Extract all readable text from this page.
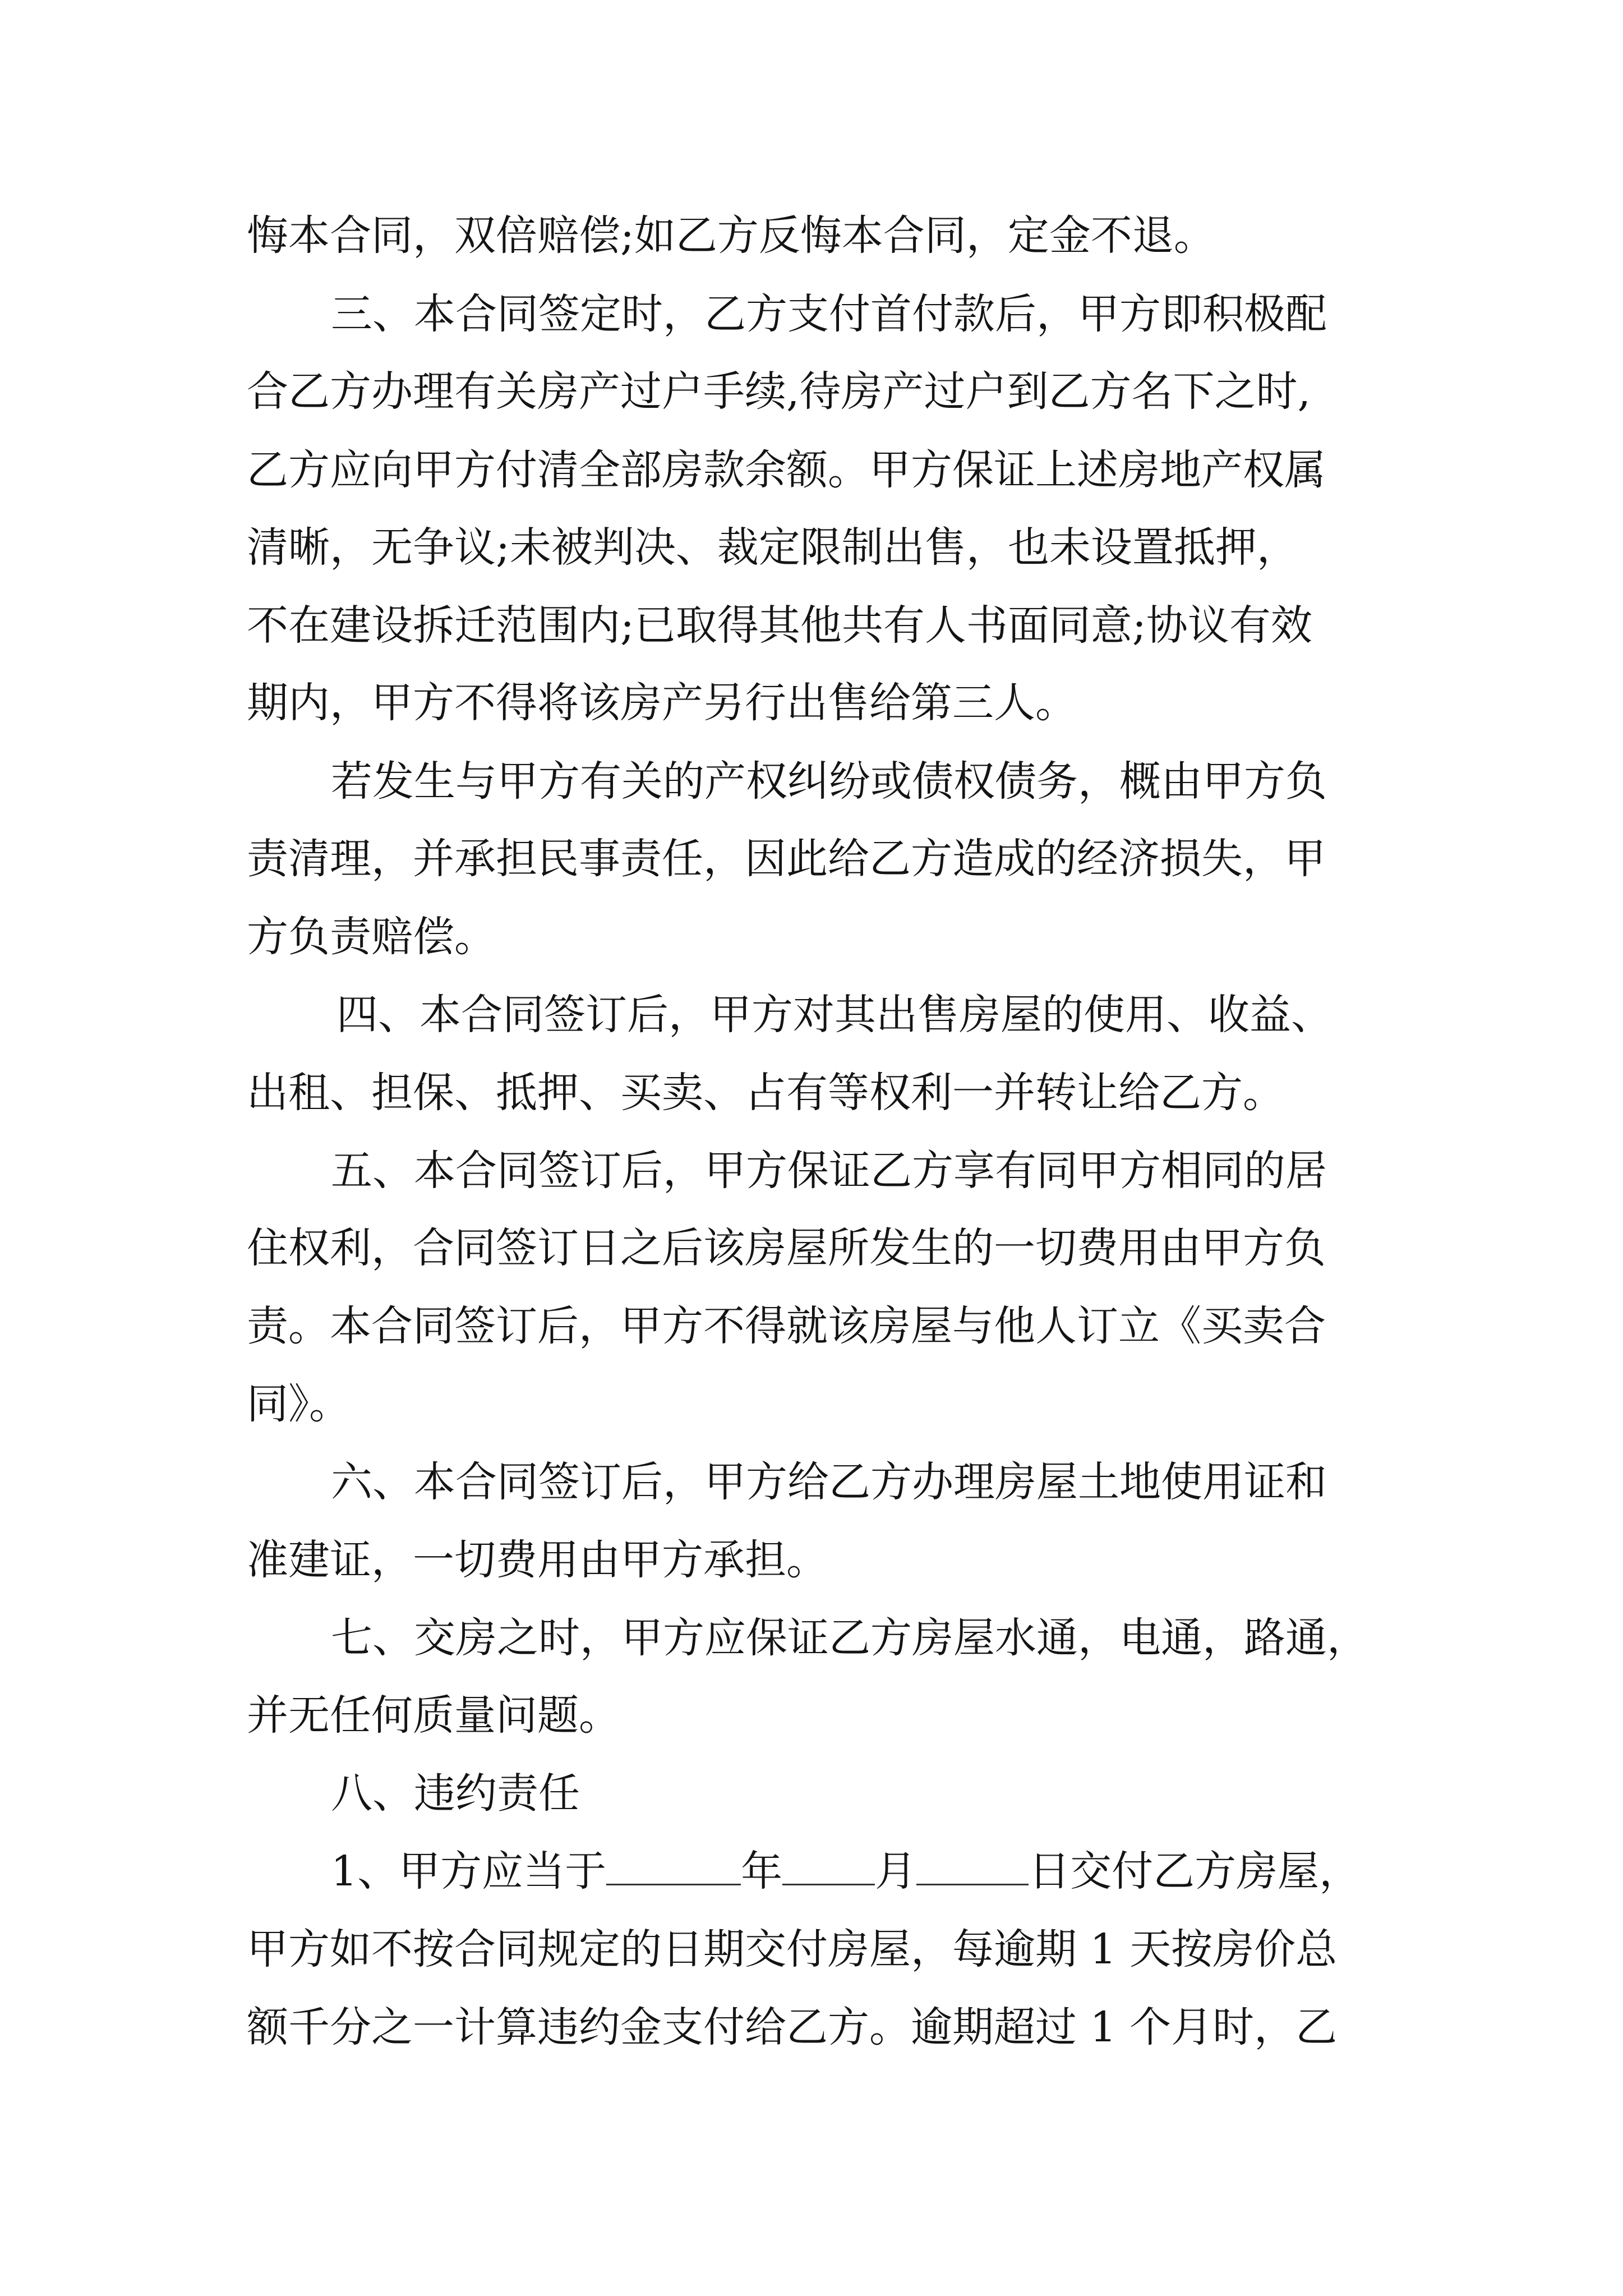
悔本合同，双倍赔偿;如乙方反悔本合同，定金不退。

三、本合同签定时，乙方支付首付款后，甲方即积极配

合乙方办理有关房产过户手续,待房产过户到乙方名下之时,

乙方应向甲方付清全部房款余额。甲方保证上述房地产权属

清晰，无争议;未被判决、裁定限制出售，也未设置抵押，

不在建设拆迁范围内;已取得其他共有人书面同意;协议有效

期内，甲方不得将该房产另行出售给第三人。

若发生与甲方有关的产权纠纷或债权债务，概由甲方负

责清理，并承担民事责任，因此给乙方造成的经济损失，甲

方负责赔偿。

四、本合同签订后，甲方对其出售房屋的使用、收益、

出租、担保、抵押、买卖、占有等权利一并转让给乙方。

五、本合同签订后，甲方保证乙方享有同甲方相同的居

住权利，合同签订日之后该房屋所发生的一切费用由甲方负

责。本合同签订后，甲方不得就该房屋与他人订立《买卖合

同》。

六、本合同签订后，甲方给乙方办理房屋土地使用证和

准建证，一切费用由甲方承担。

七、交房之时，甲方应保证乙方房屋水通，电通，路通，

并无任何质量问题。

八、违约责任

1、甲方应当于	年 月	日交付乙方房屋，

甲方如不按合同规定的日期交付房屋，每逾期 1 天按房价总

额千分之一计算违约金支付给乙方。逾期超过 1 个月时，乙
